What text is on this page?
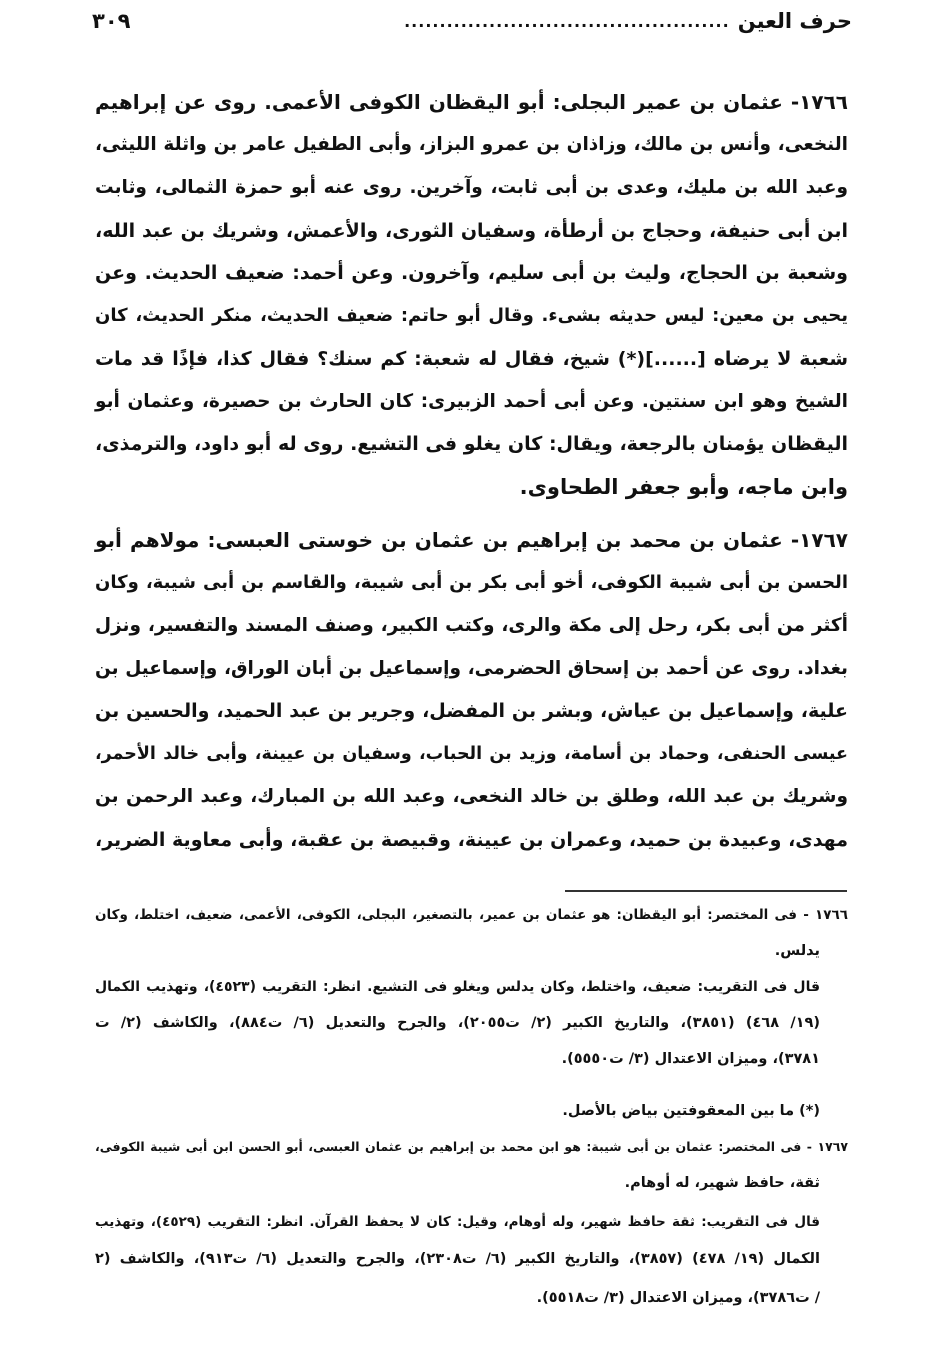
حرف العين
..............................................
٣٠٩
١٧٦٦- عثمان بن عمير البجلى: أبو اليقظان الكوفى الأعمى. روى عن إبراهيم
النخعى، وأنس بن مالك، وزاذان بن عمرو البزاز، وأبى الطفيل عامر بن واثلة الليثى،
وعبد الله بن مليك، وعدى بن أبى ثابت، وآخرين. روى عنه أبو حمزة الثمالى، وثابت
ابن أبى حنيفة، وحجاج بن أرطأة، وسفيان الثورى، والأعمش، وشريك بن عبد الله،
وشعبة بن الحجاج، وليث بن أبى سليم، وآخرون. وعن أحمد: ضعيف الحديث. وعن
يحيى بن معين: ليس حديثه بشىء. وقال أبو حاتم: ضعيف الحديث، منكر الحديث، كان
شعبة لا يرضاه [......](*) شيخ، فقال له شعبة: كم سنك؟ فقال كذا، فإذًا قد مات
الشيخ وهو ابن سنتين. وعن أبى أحمد الزبيرى: كان الحارث بن حصيرة، وعثمان أبو
اليقظان يؤمنان بالرجعة، ويقال: كان يغلو فى التشيع. روى له أبو داود، والترمذى،
وابن ماجه، وأبو جعفر الطحاوى.
١٧٦٧- عثمان بن محمد بن إبراهيم بن عثمان بن خوستى العبسى: مولاهم أبو
الحسن بن أبى شيبة الكوفى، أخو أبى بكر بن أبى شيبة، والقاسم بن أبى شيبة، وكان
أكثر من أبى بكر، رحل إلى مكة والرى، وكتب الكبير، وصنف المسند والتفسير، ونزل
بغداد. روى عن أحمد بن إسحاق الحضرمى، وإسماعيل بن أبان الوراق، وإسماعيل بن
علية، وإسماعيل بن عياش، وبشر بن المفضل، وجرير بن عبد الحميد، والحسين بن
عيسى الحنفى، وحماد بن أسامة، وزيد بن الحباب، وسفيان بن عيينة، وأبى خالد الأحمر،
وشريك بن عبد الله، وطلق بن خالد النخعى، وعبد الله بن المبارك، وعبد الرحمن بن
مهدى، وعبيدة بن حميد، وعمران بن عيينة، وقبيصة بن عقبة، وأبى معاوية الضرير،
١٧٦٦ - فى المختصر: أبو اليقظان: هو عثمان بن عمير، بالتصغير، البجلى، الكوفى، الأعمى، ضعيف، اختلط، وكان
يدلس.
قال فى التقريب: ضعيف، واختلط، وكان يدلس ويغلو فى التشيع. انظر: التقريب (٤٥٢٣)، وتهذيب الكمال
(١٩/ ٤٦٨) (٣٨٥١)، والتاريخ الكبير (٢/ ت٢٠٥٥)، والجرح والتعديل (٦/ ت٨٨٤)، والكاشف (٢/ ت
٣٧٨١)، وميزان الاعتدال (٣/ ت٥٥٥٠).
(*) ما بين المعقوفتين بياض بالأصل.
١٧٦٧ - فى المختصر: عثمان بن أبى شيبة: هو ابن محمد بن إبراهيم بن عثمان العبسى، أبو الحسن ابن أبى شيبة الكوفى،
ثقة، حافظ شهير، له أوهام.
قال فى التقريب: ثقة حافظ شهير، وله أوهام، وقيل: كان لا يحفظ القرآن. انظر: التقريب (٤٥٢٩)، وتهذيب
الكمال (١٩/ ٤٧٨) (٣٨٥٧)، والتاريخ الكبير (٦/ ت٢٣٠٨)، والجرح والتعديل (٦/ ت٩١٣)، والكاشف (٢
/ ت٣٧٨٦)، وميزان الاعتدال (٣/ ت٥٥١٨).
